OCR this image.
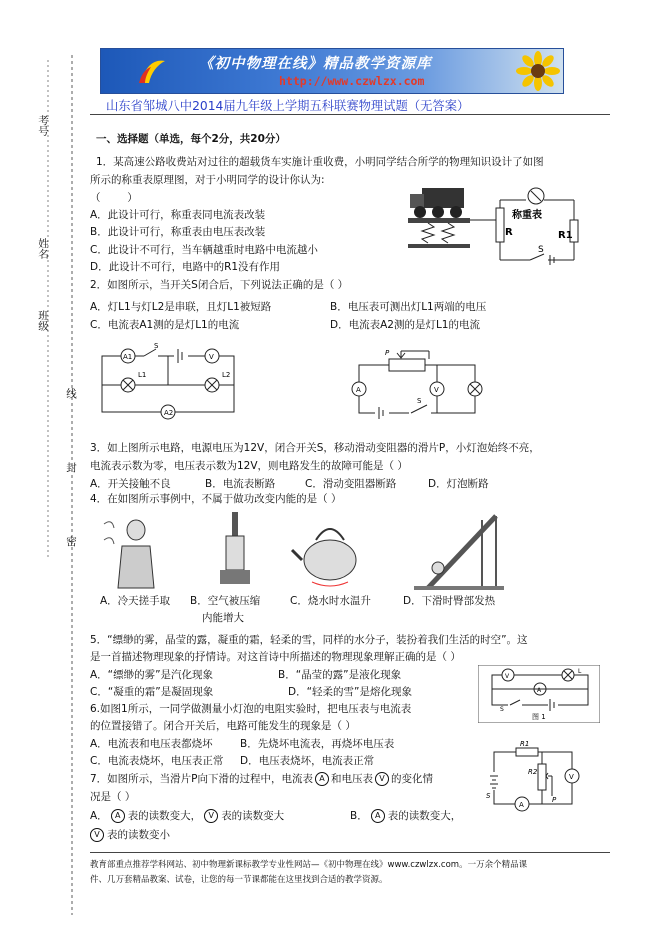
考号
姓名
班级
线
封
密
《初中物理在线》精品教学资源库
http://www.czwlzx.com
山东省邹城八中2014届九年级上学期五科联赛物理试题（无答案）
一、选择题（单选，每个2分，共20分）
1．某高速公路收费站对过往的超载货车实施计重收费，小明同学结合所学的物理知识设计了如图
所示的称重表原理图，对于小明同学的设计你认为:
（        ）
A．此设计可行，称重表同电流表改装
B．此设计可行，称重表由电压表改装
C．此设计不可行，当车辆越重时电路中电流越小
D．此设计不可行，电路中的R1没有作用
称重表
R	R1
S
2．如图所示，当开关S闭合后，下列说法正确的是（ ）
A．灯L1与灯L2是串联，且灯L1被短路	B．电压表可测出灯L1两端的电压
C．电流表A1测的是灯L1的电流	D．电流表A2测的是灯L1的电流
A1	V
L1	L2
A2
S
P
A	V
S
3．如上图所示电路，电源电压为12V，闭合开关S，移动滑动变阻器的滑片P，小灯泡始终不亮，
电流表示数为零，电压表示数为12V，则电路发生的故障可能是（ ）
A．开关接触不良	B．电流表断路	C．滑动变阻器断路	D．灯泡断路
4．在如图所示事例中，不属于做功改变内能的是（ ）
A．冷天搓手取 B．空气被压缩
内能增大
C．烧水时水温升	D．下滑时臀部发热
5．“缥缈的雾，晶莹的露，凝重的霜，轻柔的雪，同样的水分子，装扮着我们生活的时空”。这
是一首描述物理现象的抒情诗。对这首诗中所描述的物理现象理解正确的是（ ）
A．“缥缈的雾”是汽化现象	B．“晶莹的露”是液化现象
C．“凝重的霜”是凝固现象	D．“轻柔的雪”是熔化现象
V
A
L
S
图 1
6.如图1所示，一同学做测量小灯泡的电阻实验时，把电压表与电流表
的位置接错了。闭合开关后，电路可能发生的现象是（ ）
A．电流表和电压表都烧坏	B．先烧坏电流表，再烧坏电压表
C．电流表烧坏，电压表正常 D．电压表烧坏，电流表正常
R1
R2
P
S
A
V
7．如图所示，当滑片P向下滑的过程中，电流表 A 和电压表 V 的变化情
况是（ ）
A． A 表的读数变大， V 表的读数变大	B． A 表的读数变大，
V 表的读数变小
教育部重点推荐学科网站、初中物理新课标教学专业性网站—《初中物理在线》www.czwlzx.com。一万余个精品课
件、几万套精品教案、试卷，让您的每一节课都能在这里找到合适的教学资源。
